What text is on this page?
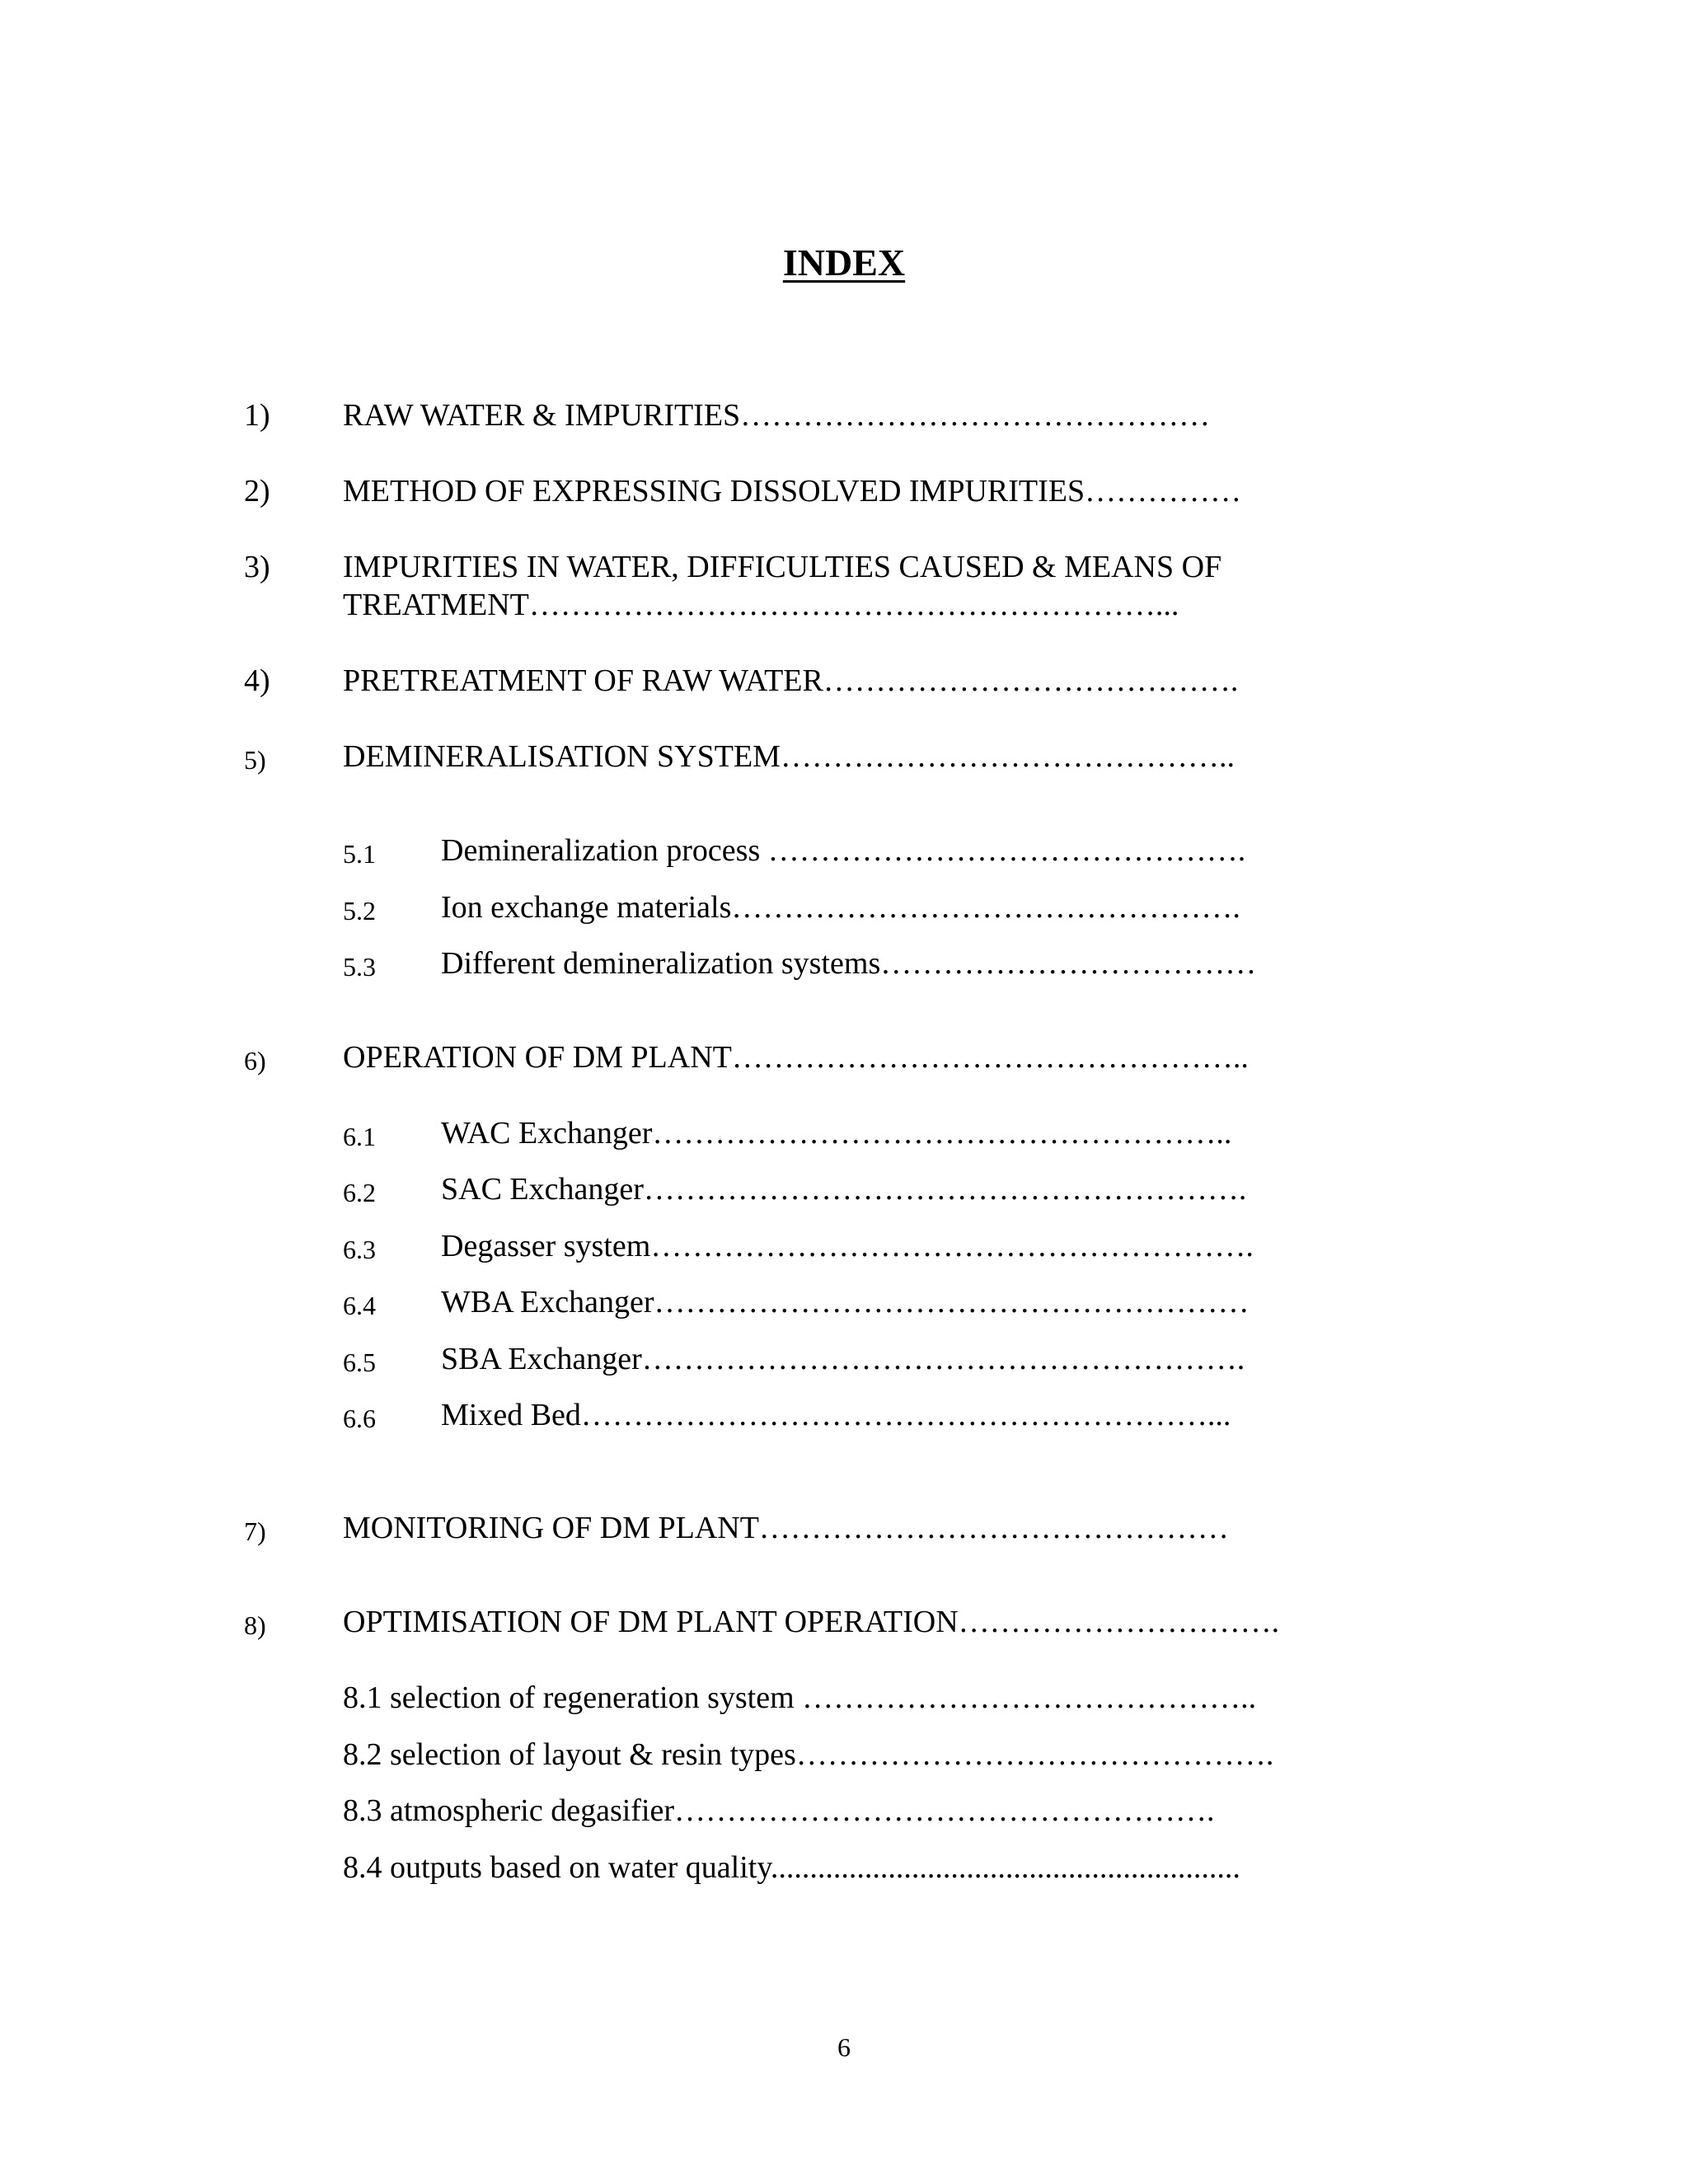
INDEX
1) RAW WATER & IMPURITIES………………………………………
2) METHOD OF EXPRESSING DISSOLVED IMPURITIES……………
3) IMPURITIES IN WATER, DIFFICULTIES CAUSED & MEANS OF TREATMENT……………………………………………………...
4) PRETREATMENT OF RAW WATER………………………………….
5) DEMINERALISATION SYSTEM……………………………………..
5.1 Demineralization process ……………………………………….
5.2 Ion exchange materials………………………………………….
5.3 Different demineralization systems………………………………
6) OPERATION OF DM PLANT…………………………………………..
6.1 WAC Exchanger………………………………………………..
6.2 SAC Exchanger………………………………………………….
6.3 Degasser system………………………………………………….
6.4 WBA Exchanger…………………………………………………
6.5 SBA Exchanger………………………………………………….
6.6 Mixed Bed……………………………………………………...
7) MONITORING OF DM PLANT………………………………………
8) OPTIMISATION OF DM PLANT OPERATION………………………….
8.1 selection of regeneration system ……………………………………..
8.2 selection of layout & resin types……………………………………….
8.3 atmospheric degasifier…………………………………………….
8.4 outputs based on water quality............................................................
6
